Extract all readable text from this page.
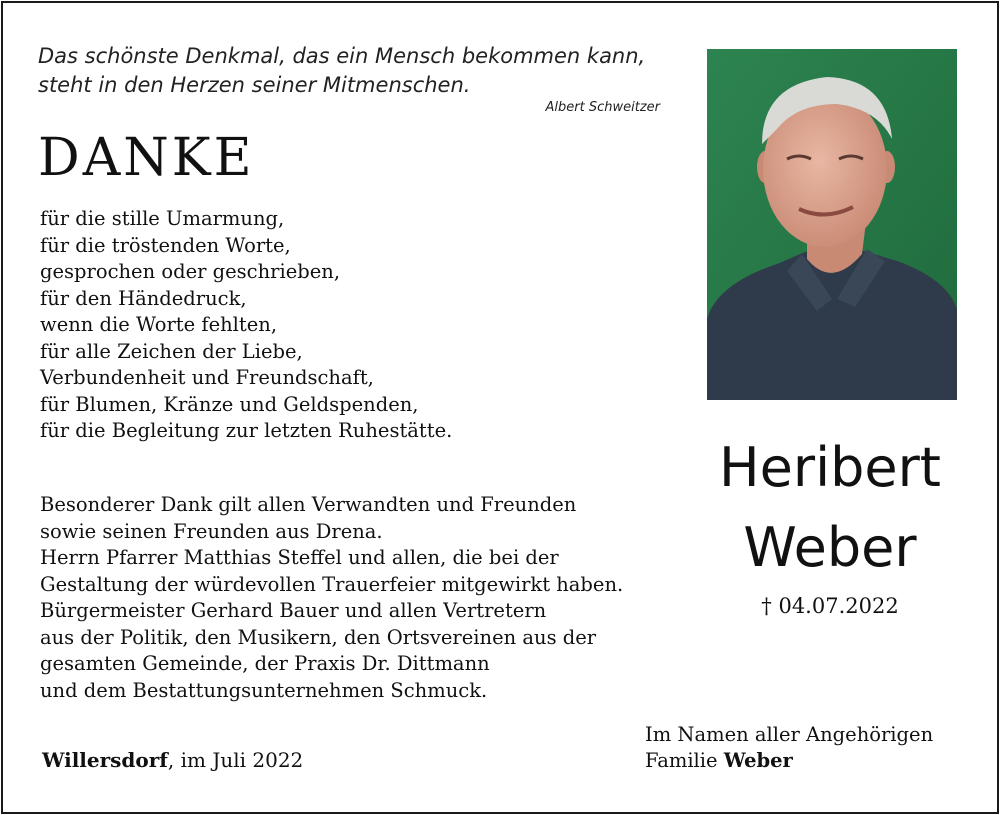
Das schönste Denkmal, das ein Mensch bekommen kann,
steht in den Herzen seiner Mitmenschen.
Albert Schweitzer
DANKE
für die stille Umarmung,
für die tröstenden Worte,
gesprochen oder geschrieben,
für den Händedruck,
wenn die Worte fehlten,
für alle Zeichen der Liebe,
Verbundenheit und Freundschaft,
für Blumen, Kränze und Geldspenden,
für die Begleitung zur letzten Ruhestätte.
Besonderer Dank gilt allen Verwandten und Freunden
sowie seinen Freunden aus Drena.
Herrn Pfarrer Matthias Steffel und allen, die bei der
Gestaltung der würdevollen Trauerfeier mitgewirkt haben.
Bürgermeister Gerhard Bauer und allen Vertretern
aus der Politik, den Musikern, den Ortsvereinen aus der
gesamten Gemeinde, der Praxis Dr. Dittmann
und dem Bestattungsunternehmen Schmuck.
Heribert
Weber
† 04.07.2022
Willersdorf, im Juli 2022
Im Namen aller Angehörigen
Familie Weber
